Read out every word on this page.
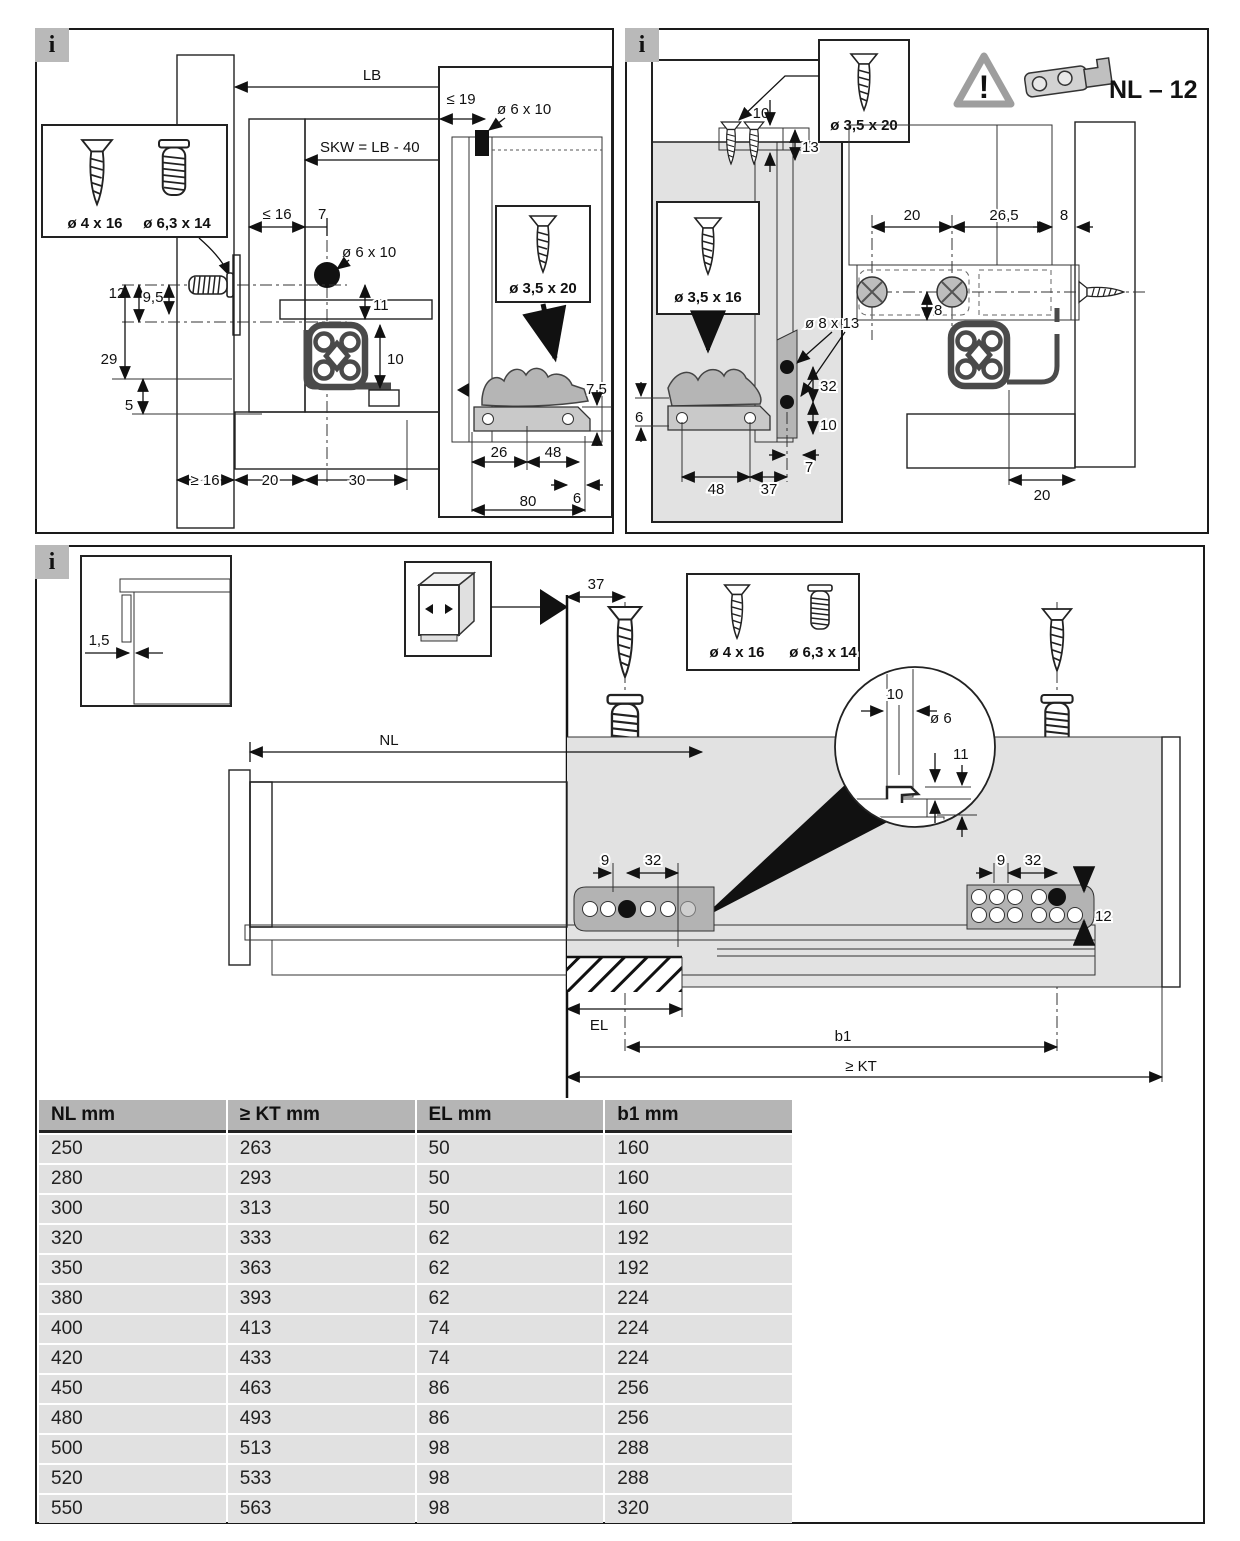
i
LB
SKW = LB - 40
≤ 16 7
ø 6 x 10
ø 4 x 16 ø 6,3 x 14
12 9,5
29
5
11
10
≥ 16	20	30
≤ 19
ø 6 x 10
ø 3,5 x 20
7,5
26 48
6
80
i
10
13
ø 3,5 x 20
ø 3,5 x 16
ø 8 x 13
32
10
6
48 37
7
!	NL – 12
20	26,5	8
8
20
i
1,5
37
ø 4 x 16 ø 6,3 x 14
NL
9 32	9 32
12
EL
b1
≥ KT
10
ø 6
11
NL mm	≥ KT mm	EL mm	b1 mm
250	263	50	160
280	293	50	160
300	313	50	160
320	333	62	192
350	363	62	192
380	393	62	224
400	413	74	224
420	433	74	224
450	463	86	256
480	493	86	256
500	513	98	288
520	533	98	288
550	563	98	320
